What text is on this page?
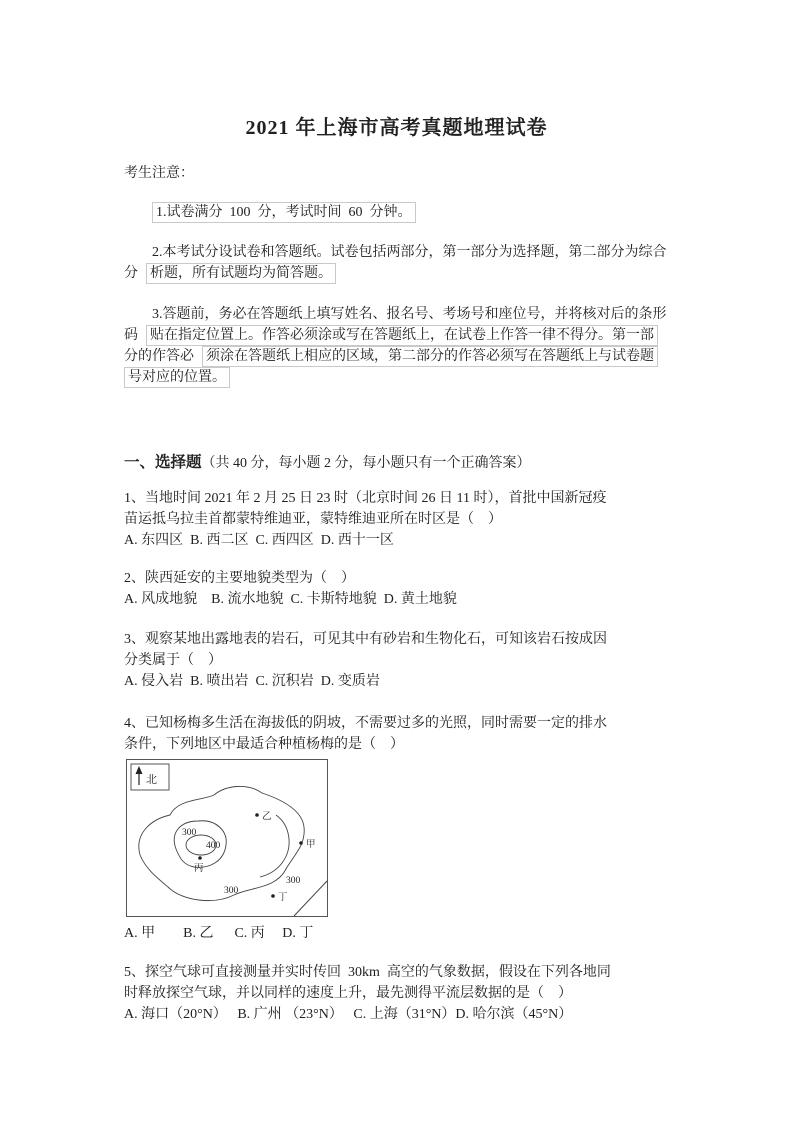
2021 年上海市高考真题地理试卷
考生注意：
1.试卷满分  100  分，考试时间  60  分钟。
2.本考试分设试卷和答题纸。试卷包括两部分，第一部分为选择题，第二部分为综合
分 析题，所有试题均为简答题。
3.答题前，务必在答题纸上填写姓名、报名号、考场号和座位号，并将核对后的条形
码 贴在指定位置上。作答必须涂或写在答题纸上，在试卷上作答一律不得分。第一部
分的作答必 须涂在答题纸上相应的区域，第二部分的作答必须写在答题纸上与试卷题
号对应的位置。
一、选择题（共 40 分，每小题 2 分，每小题只有一个正确答案）
1、当地时间 2021 年 2 月 25 日 23 时（北京时间 26 日 11 时），首批中国新冠疫
苗运抵乌拉圭首都蒙特维迪亚，蒙特维迪亚所在时区是（    ）
A. 东四区  B. 西二区  C. 西四区  D. 西十一区
2、陕西延安的主要地貌类型为（    ）
A. 风成地貌    B. 流水地貌  C. 卡斯特地貌  D. 黄土地貌
3、观察某地出露地表的岩石，可见其中有砂岩和生物化石，可知该岩石按成因
分类属于（    ）
A. 侵入岩  B. 喷出岩  C. 沉积岩  D. 变质岩
4、已知杨梅多生活在海拔低的阴坡，不需要过多的光照，同时需要一定的排水
条件，下列地区中最适合种植杨梅的是（    ）
北
300
400
300
300
乙
甲
丙
丁
A. 甲        B. 乙      C. 丙     D. 丁
5、探空气球可直接测量并实时传回  30km  高空的气象数据，假设在下列各地同
时释放探空气球，并以同样的速度上升，最先测得平流层数据的是（    ）
A. 海口（20°N）   B. 广州 （23°N）   C. 上海（31°N）D. 哈尔滨（45°N）
